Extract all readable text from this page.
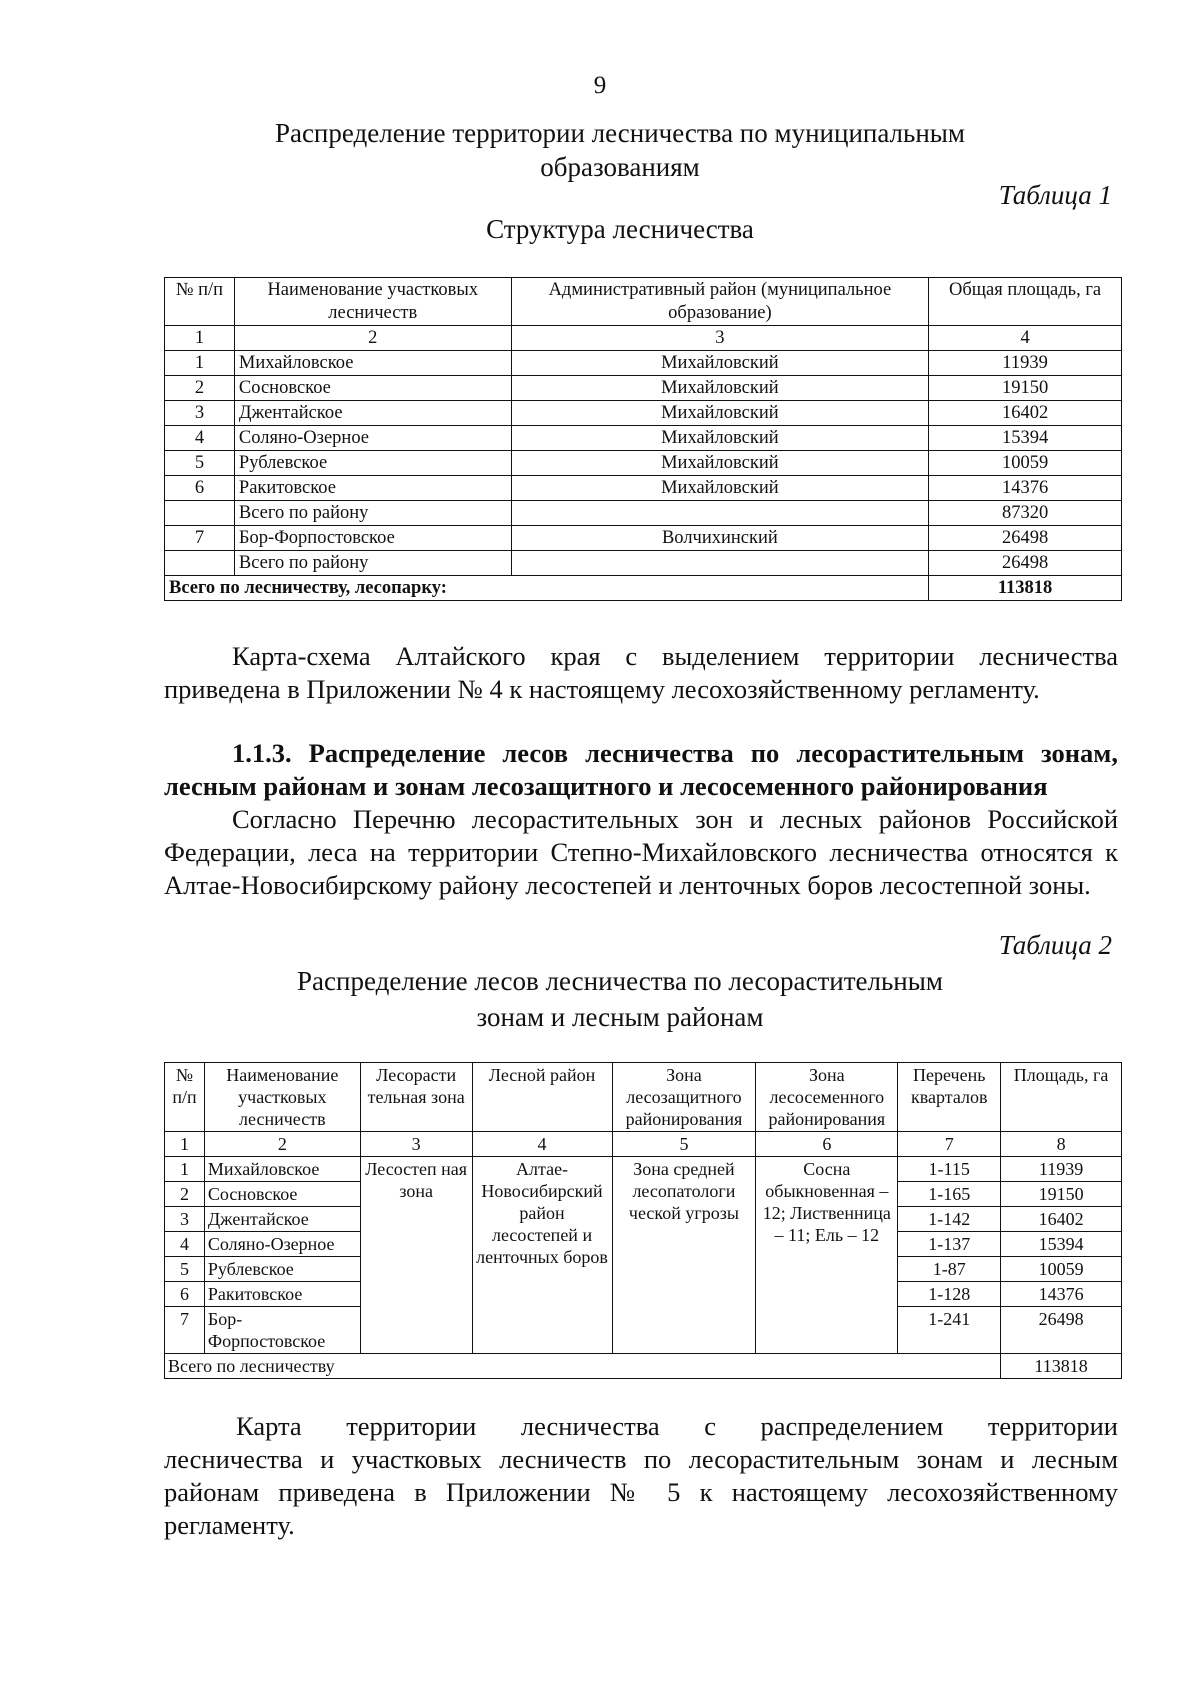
9
Распределение территории лесничества по муниципальным образованиям
Таблица 1
Структура лесничества
№ п/п	Наименование участковых лесничеств	Административный район (муниципальное образование)	Общая площадь, га
1	2	3	4
1	Михайловское	Михайловский	11939
2	Сосновское	Михайловский	19150
3	Джентайское	Михайловский	16402
4	Соляно-Озерное	Михайловский	15394
5	Рублевское	Михайловский	10059
6	Ракитовское	Михайловский	14376
	Всего по району		87320
7	Бор-Форпостовское	Волчихинский	26498
	Всего по району		26498
Всего по лесничеству, лесопарку:			113818
Карта-схема Алтайского края с выделением территории лесничества приведена в Приложении № 4 к настоящему лесохозяйственному регламенту.
1.1.3. Распределение лесов лесничества по лесорастительным зонам, лесным районам и зонам лесозащитного и лесосеменного районирования
Согласно Перечню лесорастительных зон и лесных районов Российской Федерации, леса на территории Степно-Михайловского лесничества относятся к Алтае-Новосибирскому району лесостепей и ленточных боров лесостепной зоны.
Таблица 2
Распределение лесов лесничества по лесорастительным
зонам и лесным районам
№ п/п	Наименование участковых лесничеств	Лесорасти тельная зона	Лесной район	Зона лесозащитного районирования	Зона лесосеменного районирования	Перечень кварталов	Площадь, га
1	2	3	4	5	6	7	8
1	Михайловское	Лесостеп ная зона	Алтае-Новосибирский район лесостепей и ленточных боров	Зона средней лесопатологи ческой угрозы	Сосна обыкновенная – 12; Лиственница – 11; Ель – 12	1-115	11939
2	Сосновское					1-165	19150
3	Джентайское					1-142	16402
4	Соляно-Озерное					1-137	15394
5	Рублевское					1-87	10059
6	Ракитовское					1-128	14376
7	Бор-Форпостовское					1-241	26498
Всего по лесничеству							113818
Карта территории лесничества с распределением территории
лесничества и участковых лесничеств по лесорастительным зонам и лесным районам приведена в Приложении № 5 к настоящему лесохозяйственному регламенту.
